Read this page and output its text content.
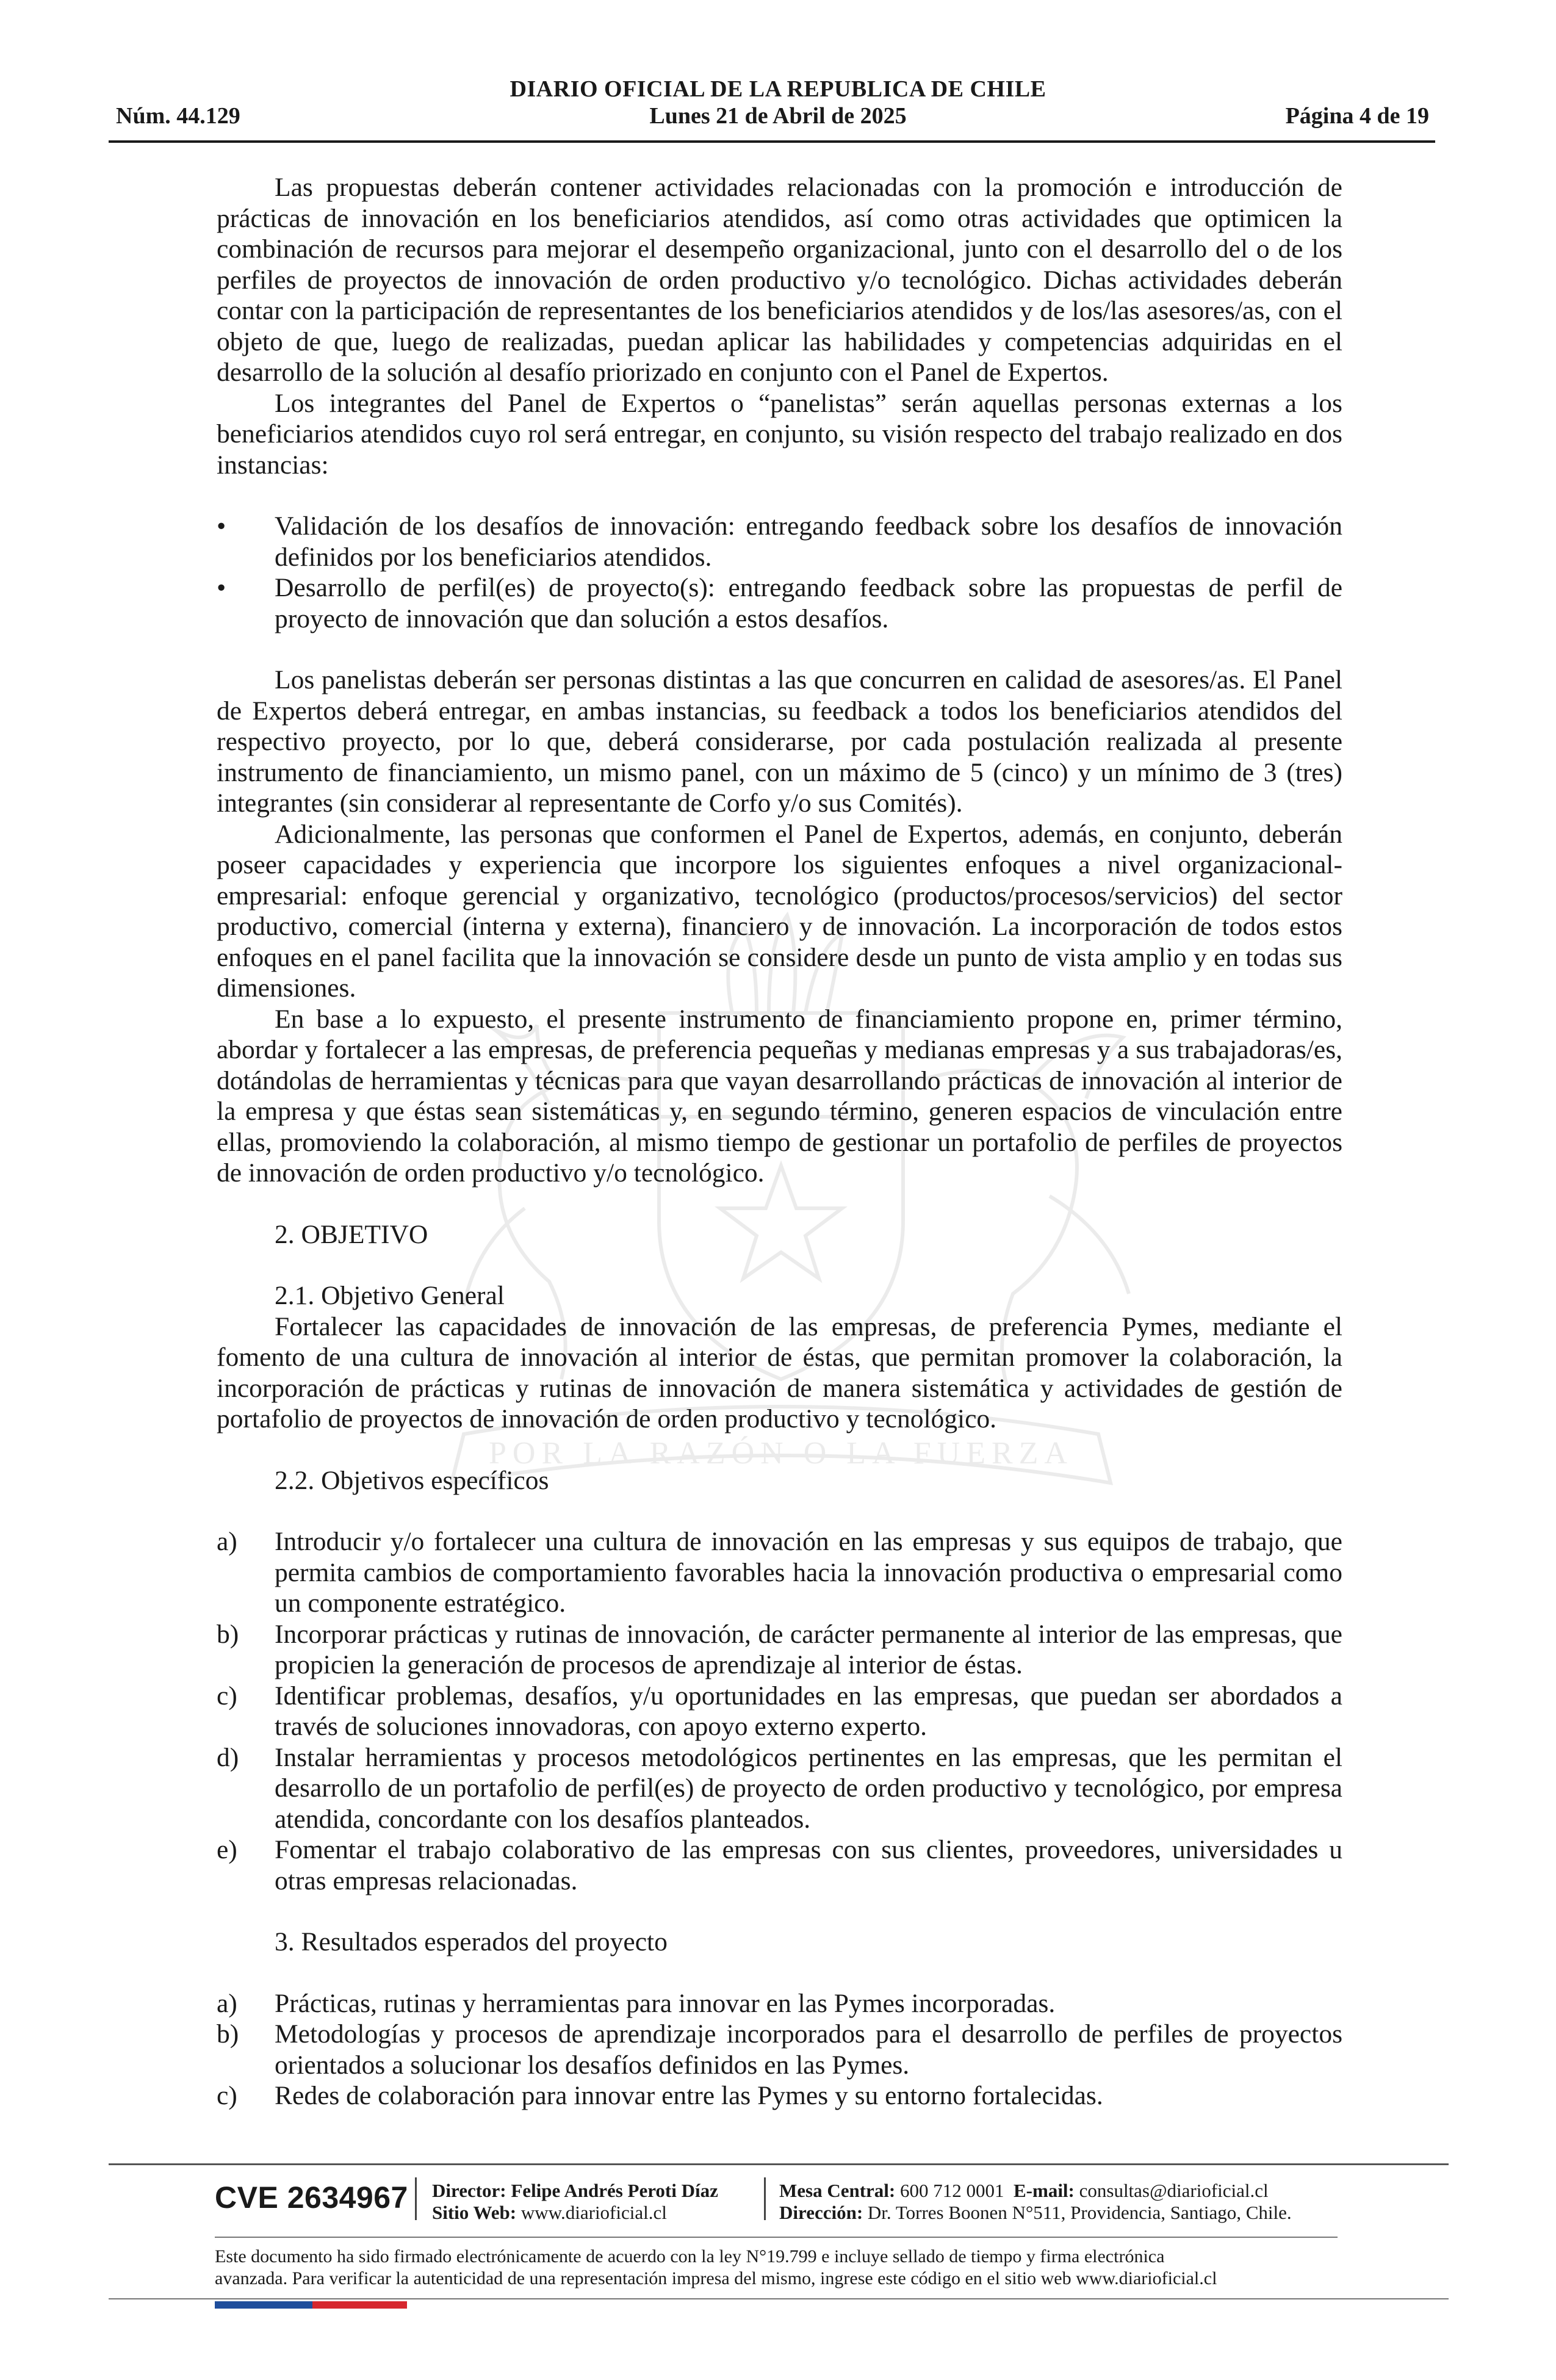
DIARIO OFICIAL DE LA REPUBLICA DE CHILE
Núm. 44.129	Lunes 21 de Abril de 2025	Página 4 de 19
POR LA RAZÓN O LA FUERZA

Las propuestas deberán contener actividades relacionadas con la promoción e introducción de prácticas de innovación en los beneficiarios atendidos, así como otras actividades que optimicen la combinación de recursos para mejorar el desempeño organizacional, junto con el desarrollo del o de los perfiles de proyectos de innovación de orden productivo y/o tecnológico. Dichas actividades deberán contar con la participación de representantes de los beneficiarios atendidos y de los/las asesores/as, con el objeto de que, luego de realizadas, puedan aplicar las habilidades y competencias adquiridas en el desarrollo de la solución al desafío priorizado en conjunto con el Panel de Expertos.

Los integrantes del Panel de Expertos o “panelistas” serán aquellas personas externas a los beneficiarios atendidos cuyo rol será entregar, en conjunto, su visión respecto del trabajo realizado en dos instancias:

• Validación de los desafíos de innovación: entregando feedback sobre los desafíos de innovación definidos por los beneficiarios atendidos.
• Desarrollo de perfil(es) de proyecto(s): entregando feedback sobre las propuestas de perfil de proyecto de innovación que dan solución a estos desafíos.

Los panelistas deberán ser personas distintas a las que concurren en calidad de asesores/as. El Panel de Expertos deberá entregar, en ambas instancias, su feedback a todos los beneficiarios atendidos del respectivo proyecto, por lo que, deberá considerarse, por cada postulación realizada al presente instrumento de financiamiento, un mismo panel, con un máximo de 5 (cinco) y un mínimo de 3 (tres) integrantes (sin considerar al representante de Corfo y/o sus Comités).

Adicionalmente, las personas que conformen el Panel de Expertos, además, en conjunto, deberán poseer capacidades y experiencia que incorpore los siguientes enfoques a nivel organizacional-empresarial: enfoque gerencial y organizativo, tecnológico (productos/procesos/servicios) del sector productivo, comercial (interna y externa), financiero y de innovación. La incorporación de todos estos enfoques en el panel facilita que la innovación se considere desde un punto de vista amplio y en todas sus dimensiones.

En base a lo expuesto, el presente instrumento de financiamiento propone en, primer término, abordar y fortalecer a las empresas, de preferencia pequeñas y medianas empresas y a sus trabajadoras/es, dotándolas de herramientas y técnicas para que vayan desarrollando prácticas de innovación al interior de la empresa y que éstas sean sistemáticas y, en segundo término, generen espacios de vinculación entre ellas, promoviendo la colaboración, al mismo tiempo de gestionar un portafolio de perfiles de proyectos de innovación de orden productivo y/o tecnológico.

2. OBJETIVO
2.1. Objetivo General

Fortalecer las capacidades de innovación de las empresas, de preferencia Pymes, mediante el fomento de una cultura de innovación al interior de éstas, que permitan promover la colaboración, la incorporación de prácticas y rutinas de innovación de manera sistemática y actividades de gestión de portafolio de proyectos de innovación de orden productivo y tecnológico.

2.2. Objetivos específicos
a) Introducir y/o fortalecer una cultura de innovación en las empresas y sus equipos de trabajo, que permita cambios de comportamiento favorables hacia la innovación productiva o empresarial como un componente estratégico.
b) Incorporar prácticas y rutinas de innovación, de carácter permanente al interior de las empresas, que propicien la generación de procesos de aprendizaje al interior de éstas.
c) Identificar problemas, desafíos, y/u oportunidades en las empresas, que puedan ser abordados a través de soluciones innovadoras, con apoyo externo experto.
d) Instalar herramientas y procesos metodológicos pertinentes en las empresas, que les permitan el desarrollo de un portafolio de perfil(es) de proyecto de orden productivo y tecnológico, por empresa atendida, concordante con los desafíos planteados.
e) Fomentar el trabajo colaborativo de las empresas con sus clientes, proveedores, universidades u otras empresas relacionadas.
3. Resultados esperados del proyecto
a) Prácticas, rutinas y herramientas para innovar en las Pymes incorporadas.
b) Metodologías y procesos de aprendizaje incorporados para el desarrollo de perfiles de proyectos orientados a solucionar los desafíos definidos en las Pymes.
c) Redes de colaboración para innovar entre las Pymes y su entorno fortalecidas.
CVE 2634967 Director: Felipe Andrés Peroti Díaz
Sitio Web: www.diarioficial.cl
Mesa Central: 600 712 0001 E-mail: consultas@diarioficial.cl
Dirección: Dr. Torres Boonen N°511, Providencia, Santiago, Chile.
Este documento ha sido firmado electrónicamente de acuerdo con la ley N°19.799 e incluye sellado de tiempo y firma electrónica
avanzada. Para verificar la autenticidad de una representación impresa del mismo, ingrese este código en el sitio web www.diarioficial.cl
